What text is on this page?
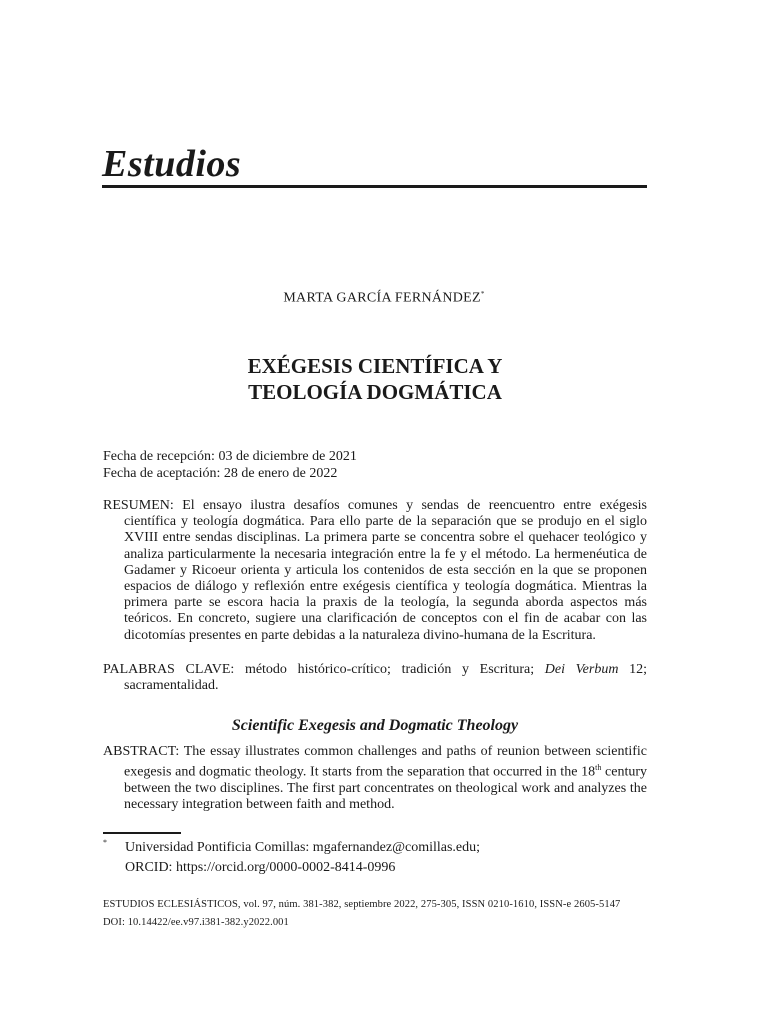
Estudios
MARTA GARCÍA FERNÁNDEZ*
EXÉGESIS CIENTÍFICA Y
TEOLOGÍA DOGMÁTICA
Fecha de recepción: 03 de diciembre de 2021
Fecha de aceptación: 28 de enero de 2022

RESUMEN: El ensayo ilustra desafíos comunes y sendas de reencuentro entre exégesis científica y teología dogmática. Para ello parte de la separación que se produjo en el siglo XVIII entre sendas disciplinas. La primera parte se concentra sobre el quehacer teológico y analiza particularmente la necesaria integración entre la fe y el método. La hermenéutica de Gadamer y Ricoeur orienta y articula los contenidos de esta sección en la que se proponen espacios de diálogo y reflexión entre exégesis científica y teología dogmática. Mientras la primera parte se escora hacia la praxis de la teología, la segunda aborda aspectos más teóricos. En concreto, sugiere una clarificación de conceptos con el fin de acabar con las dicotomías presentes en parte debidas a la naturaleza divino-humana de la Escritura.

PALABRAS CLAVE: método histórico-crítico; tradición y Escritura; Dei Verbum 12; sacramentalidad.

Scientific Exegesis and Dogmatic Theology

ABSTRACT: The essay illustrates common challenges and paths of reunion between scientific exegesis and dogmatic theology. It starts from the separation that occurred in the 18th century between the two disciplines. The first part concentrates on theological work and analyzes the necessary integration between faith and method.

* Universidad Pontificia Comillas: mgafernandez@comillas.edu;
ORCID: https://orcid.org/0000-0002-8414-0996
ESTUDIOS ECLESIÁSTICOS, vol. 97, núm. 381-382, septiembre 2022, 275-305, ISSN 0210-1610, ISSN-e 2605-5147
DOI: 10.14422/ee.v97.i381-382.y2022.001
